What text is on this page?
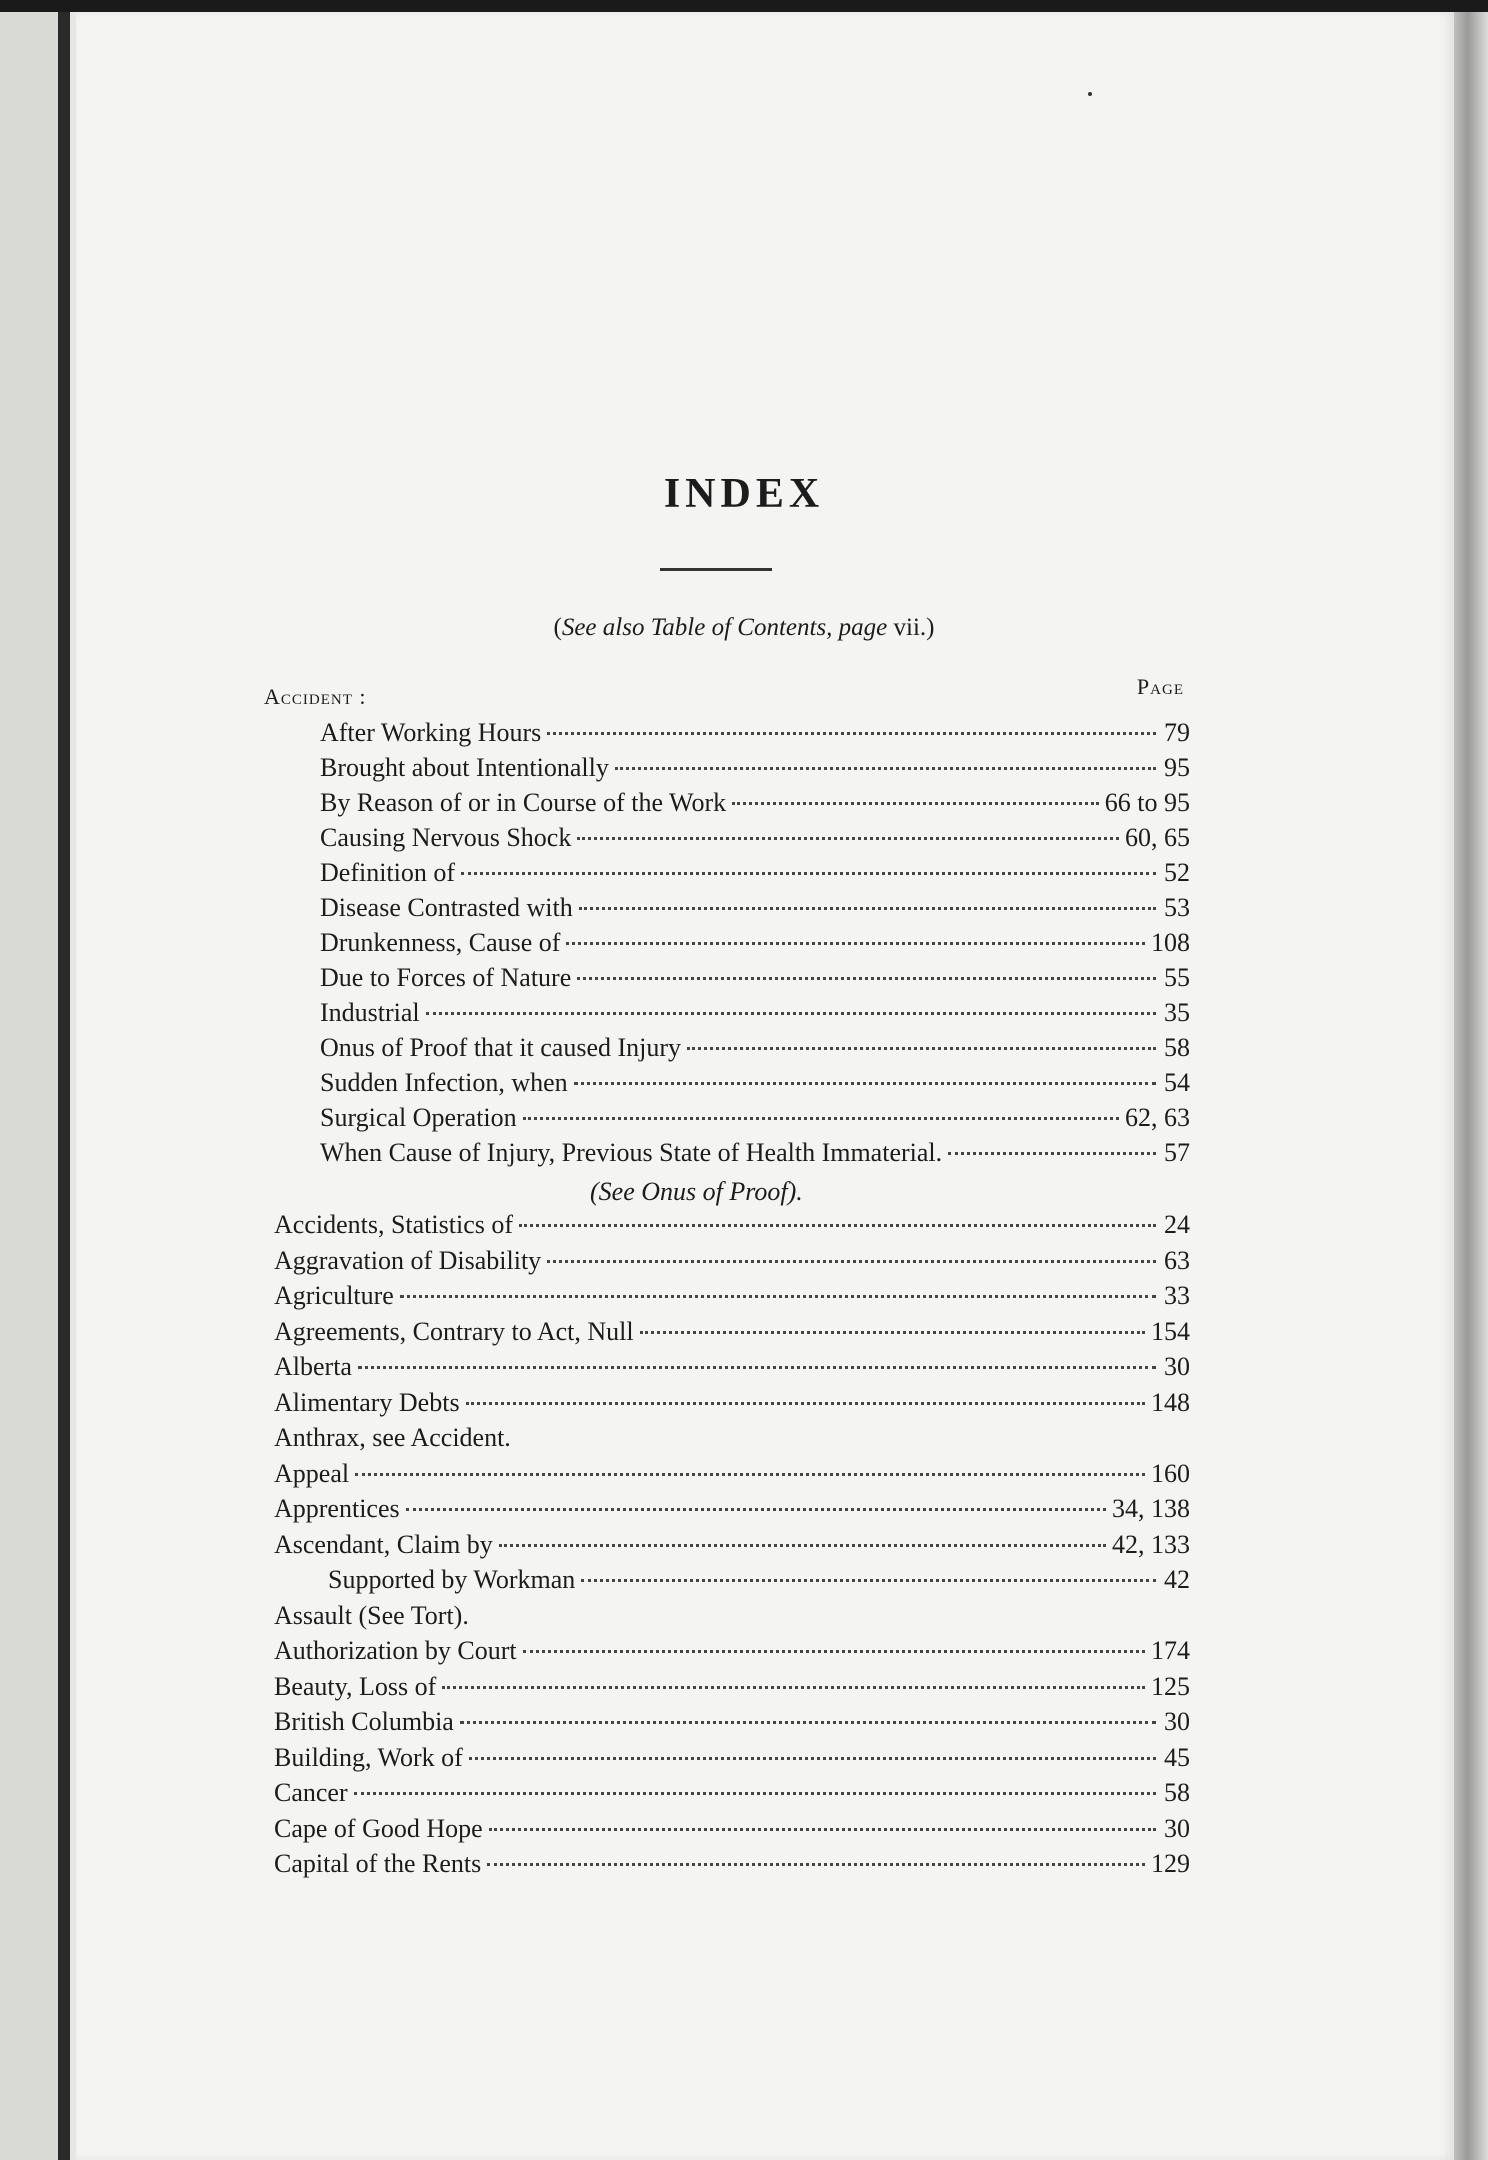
INDEX
(See also Table of Contents, page vii.)
Accident :	Page
After Working Hours	79
Brought about Intentionally	95
By Reason of or in Course of the Work	66 to 95
Causing Nervous Shock	60, 65
Definition of	52
Disease Contrasted with	53
Drunkenness, Cause of	108
Due to Forces of Nature	55
Industrial	35
Onus of Proof that it caused Injury	58
Sudden Infection, when	54
Surgical Operation	62, 63
When Cause of Injury, Previous State of Health Immaterial.	57
(See Onus of Proof).
Accidents, Statistics of	24
Aggravation of Disability	63
Agriculture	33
Agreements, Contrary to Act, Null	154
Alberta	30
Alimentary Debts	148
Anthrax, see Accident.
Appeal	160
Apprentices	34, 138
Ascendant, Claim by	42, 133
Supported by Workman	42
Assault (See Tort).
Authorization by Court	174
Beauty, Loss of	125
British Columbia	30
Building, Work of	45
Cancer	58
Cape of Good Hope	30
Capital of the Rents	129
